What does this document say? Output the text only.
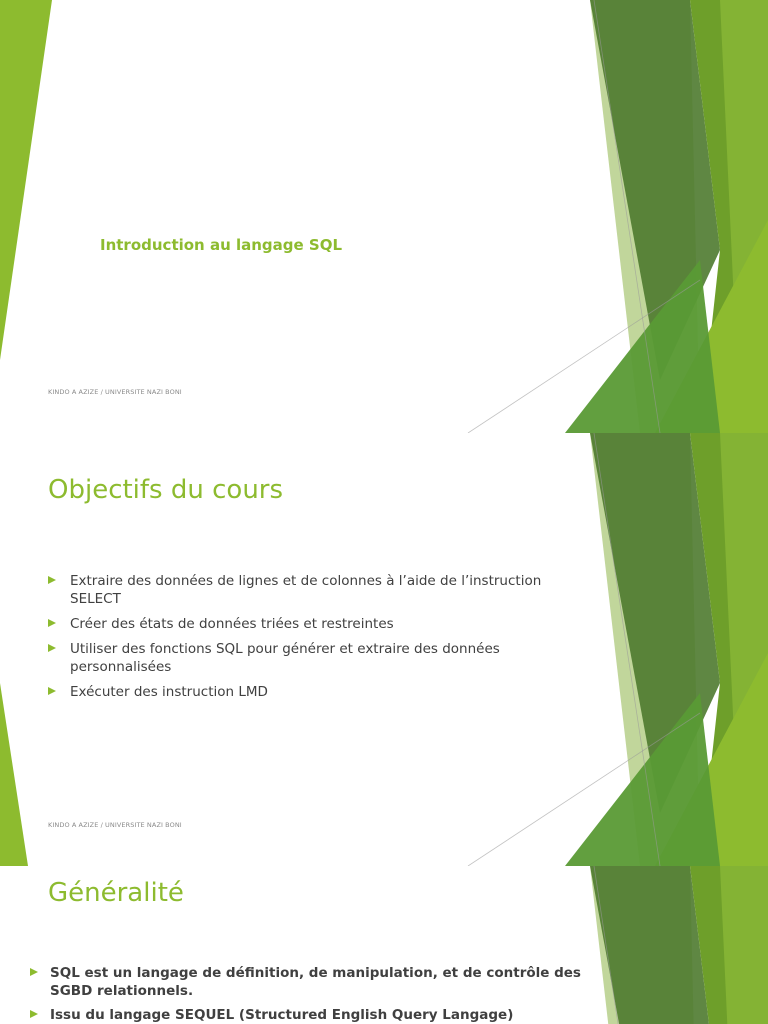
Introduction au langage SQL

KINDO A AZIZE / UNIVERSITE NAZI BONI

Objectifs du cours
Extraire des données de lignes et de colonnes à l’aide de l’instruction SELECT
Créer des états de données triées et restreintes
Utiliser des fonctions SQL pour générer et extraire des données personnalisées
Exécuter des instruction LMD

KINDO A AZIZE / UNIVERSITE NAZI BONI

Généralité
SQL est un langage de définition, de manipulation, et de contrôle des SGBD relationnels.
Issu du langage SEQUEL (Structured English Query Langage)
